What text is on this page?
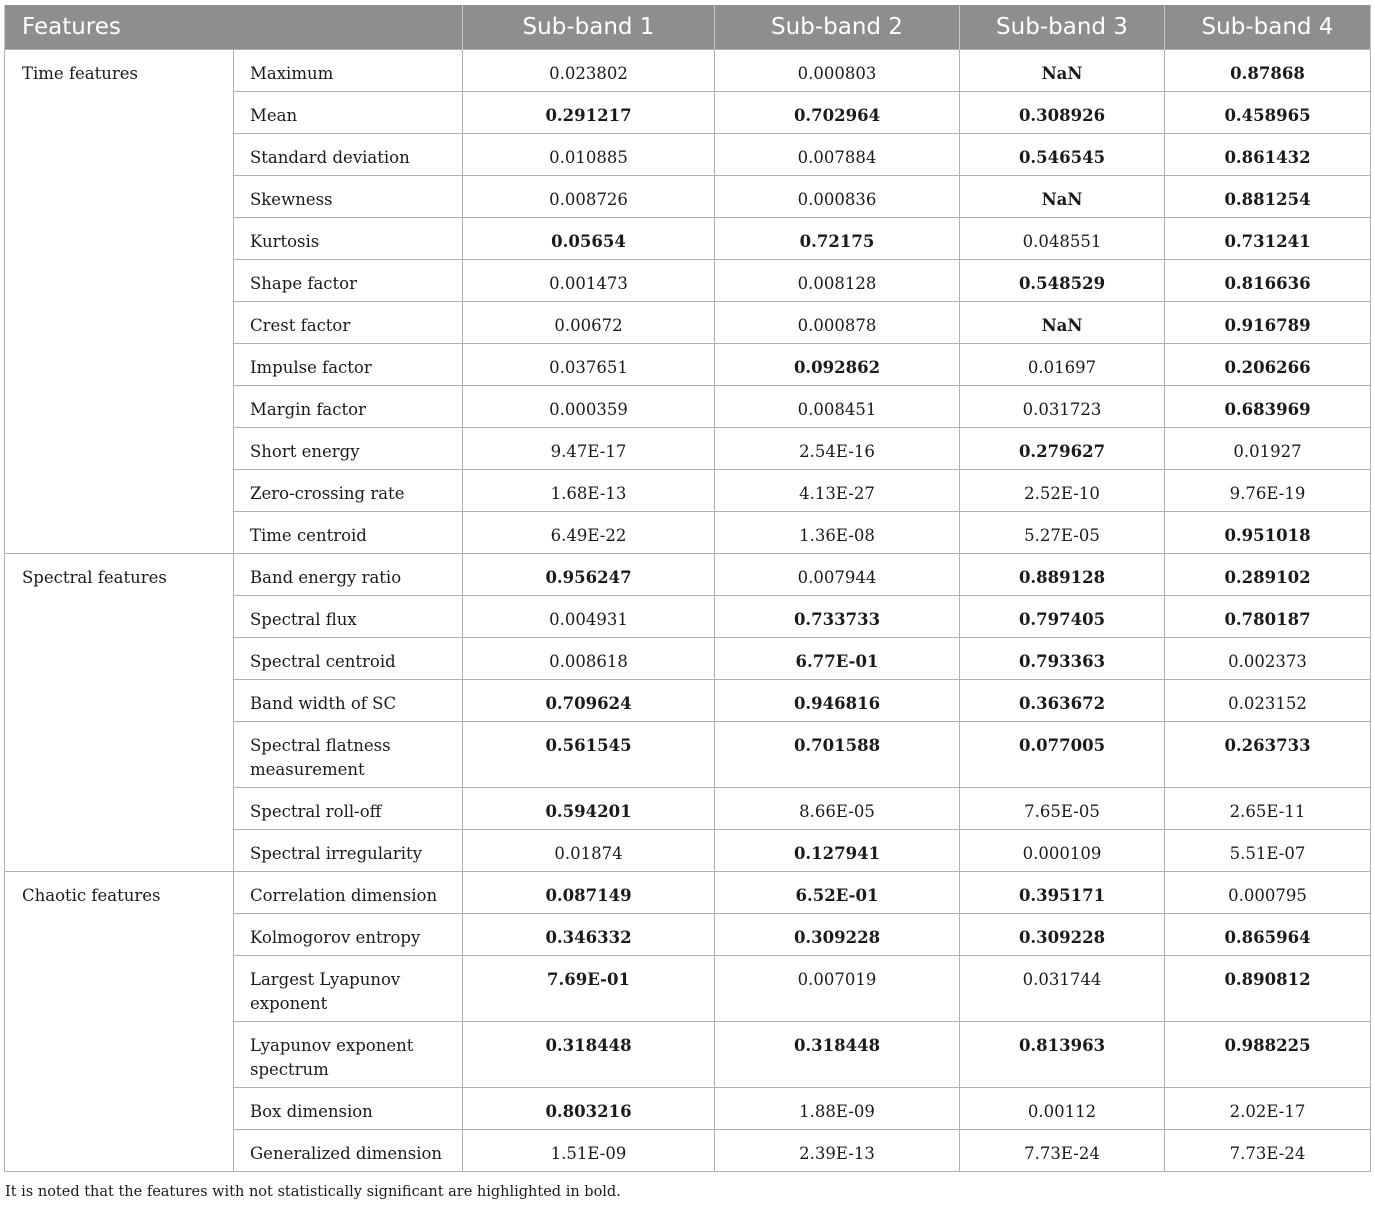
Features		Sub-band 1	Sub-band 2	Sub-band 3	Sub-band 4
Time features	Maximum	0.023802	0.000803	NaN	0.87868
	Mean	0.291217	0.702964	0.308926	0.458965
	Standard deviation	0.010885	0.007884	0.546545	0.861432
	Skewness	0.008726	0.000836	NaN	0.881254
	Kurtosis	0.05654	0.72175	0.048551	0.731241
	Shape factor	0.001473	0.008128	0.548529	0.816636
	Crest factor	0.00672	0.000878	NaN	0.916789
	Impulse factor	0.037651	0.092862	0.01697	0.206266
	Margin factor	0.000359	0.008451	0.031723	0.683969
	Short energy	9.47E-17	2.54E-16	0.279627	0.01927
	Zero-crossing rate	1.68E-13	4.13E-27	2.52E-10	9.76E-19
	Time centroid	6.49E-22	1.36E-08	5.27E-05	0.951018
Spectral features	Band energy ratio	0.956247	0.007944	0.889128	0.289102
	Spectral flux	0.004931	0.733733	0.797405	0.780187
	Spectral centroid	0.008618	6.77E-01	0.793363	0.002373
	Band width of SC	0.709624	0.946816	0.363672	0.023152
	Spectral flatness measurement	0.561545	0.701588	0.077005	0.263733
	Spectral roll-off	0.594201	8.66E-05	7.65E-05	2.65E-11
	Spectral irregularity	0.01874	0.127941	0.000109	5.51E-07
Chaotic features	Correlation dimension	0.087149	6.52E-01	0.395171	0.000795
	Kolmogorov entropy	0.346332	0.309228	0.309228	0.865964
	Largest Lyapunov exponent	7.69E-01	0.007019	0.031744	0.890812
	Lyapunov exponent spectrum	0.318448	0.318448	0.813963	0.988225
	Box dimension	0.803216	1.88E-09	0.00112	2.02E-17
	Generalized dimension	1.51E-09	2.39E-13	7.73E-24	7.73E-24

It is noted that the features with not statistically significant are highlighted in bold.
